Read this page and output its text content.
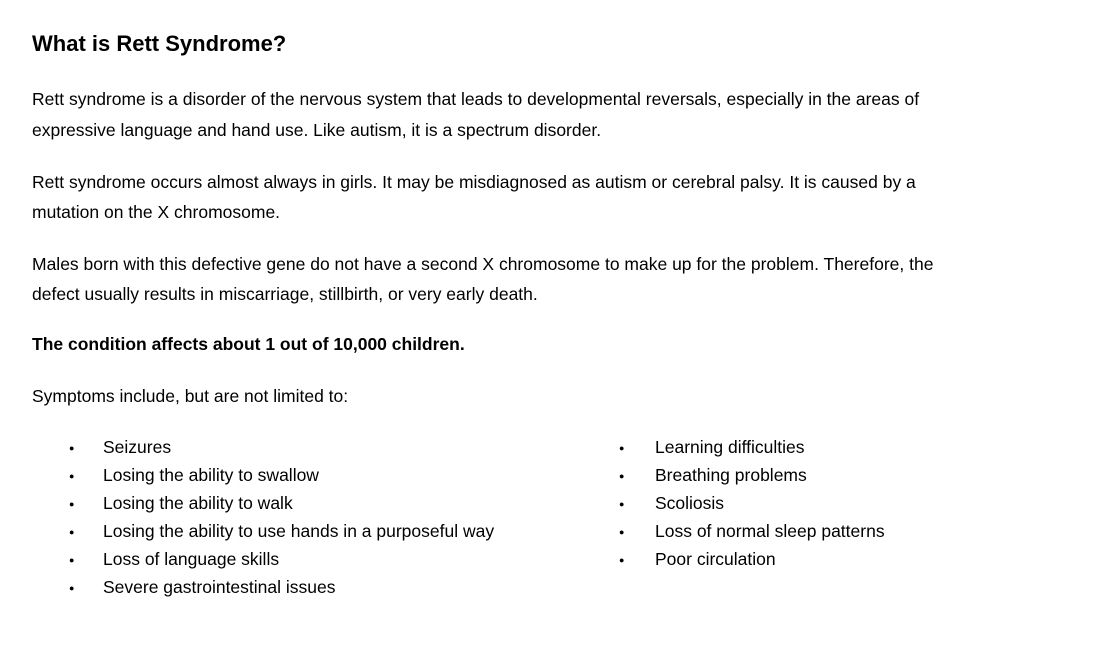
What is Rett Syndrome?
Rett syndrome is a disorder of the nervous system that leads to developmental reversals, especially in the areas of
expressive language and hand use. Like autism, it is a spectrum disorder.
Rett syndrome occurs almost always in girls. It may be misdiagnosed as autism or cerebral palsy. It is caused by a
mutation on the X chromosome.
Males born with this defective gene do not have a second X chromosome to make up for the problem. Therefore, the
defect usually results in miscarriage, stillbirth, or very early death.
The condition affects about 1 out of 10,000 children.
Symptoms include, but are not limited to:
● Seizures
● Losing the ability to swallow
● Losing the ability to walk
● Losing the ability to use hands in a purposeful way
● Loss of language skills
● Severe gastrointestinal issues
● Learning difficulties
● Breathing problems
● Scoliosis
● Loss of normal sleep patterns
● Poor circulation
